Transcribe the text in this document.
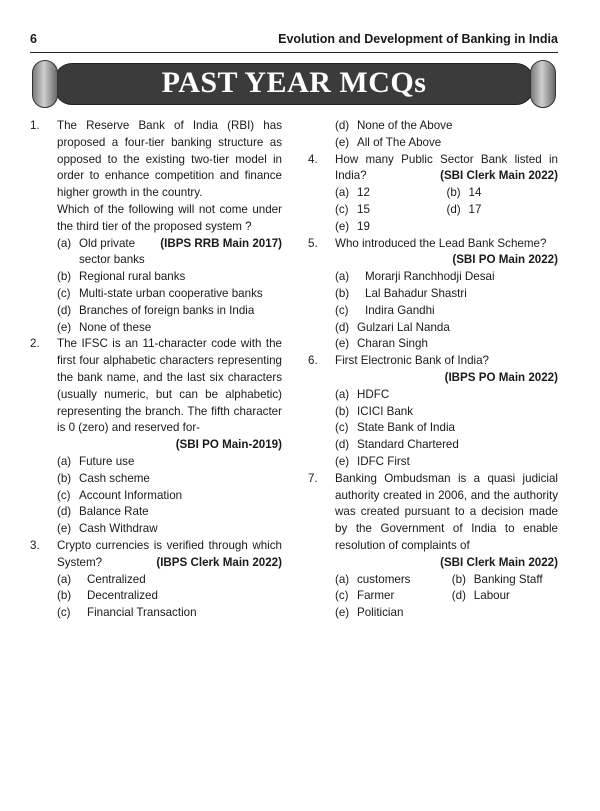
6	Evolution and Development of Banking in India
PAST YEAR MCQs
1. The Reserve Bank of India (RBI) has proposed a four-tier banking structure as opposed to the existing two-tier model in order to enhance competition and finance higher growth in the country.
Which of the following will not come under the third tier of the proposed system ?
(IBPS RRB Main 2017)
(a) Old private sector banks
(b) Regional rural banks
(c) Multi-state urban cooperative banks
(d) Branches of foreign banks in India
(e) None of these
2. The IFSC is an 11-character code with the first four alphabetic characters representing the bank name, and the last six characters (usually numeric, but can be alphabetic) representing the branch. The fifth character is 0 (zero) and reserved for-
(SBI PO Main-2019)
(a) Future use
(b) Cash scheme
(c) Account Information
(d) Balance Rate
(e) Cash Withdraw
3. Crypto currencies is verified through which System?	(IBPS Clerk Main 2022)
(a) Centralized
(b) Decentralized
(c) Financial Transaction
(d) None of the Above
(e) All of The Above
4. How many Public Sector Bank listed in India?	(SBI Clerk Main 2022)
(a) 12	(b) 14
(c) 15	(d) 17
(e) 19
5. Who introduced the Lead Bank Scheme?
(SBI PO Main 2022)
(a) Morarji Ranchhodji Desai
(b) Lal Bahadur Shastri
(c) Indira Gandhi
(d) Gulzari Lal Nanda
(e) Charan Singh
6. First Electronic Bank of India?
(IBPS PO Main 2022)
(a) HDFC
(b) ICICI Bank
(c) State Bank of India
(d) Standard Chartered
(e) IDFC First
7. Banking Ombudsman is a quasi judicial authority created in 2006, and the authority was created pursuant to a decision made by the Government of India to enable resolution of complaints of
(SBI Clerk Main 2022)
(a) customers	(b) Banking Staff
(c) Farmer	(d) Labour
(e) Politician
